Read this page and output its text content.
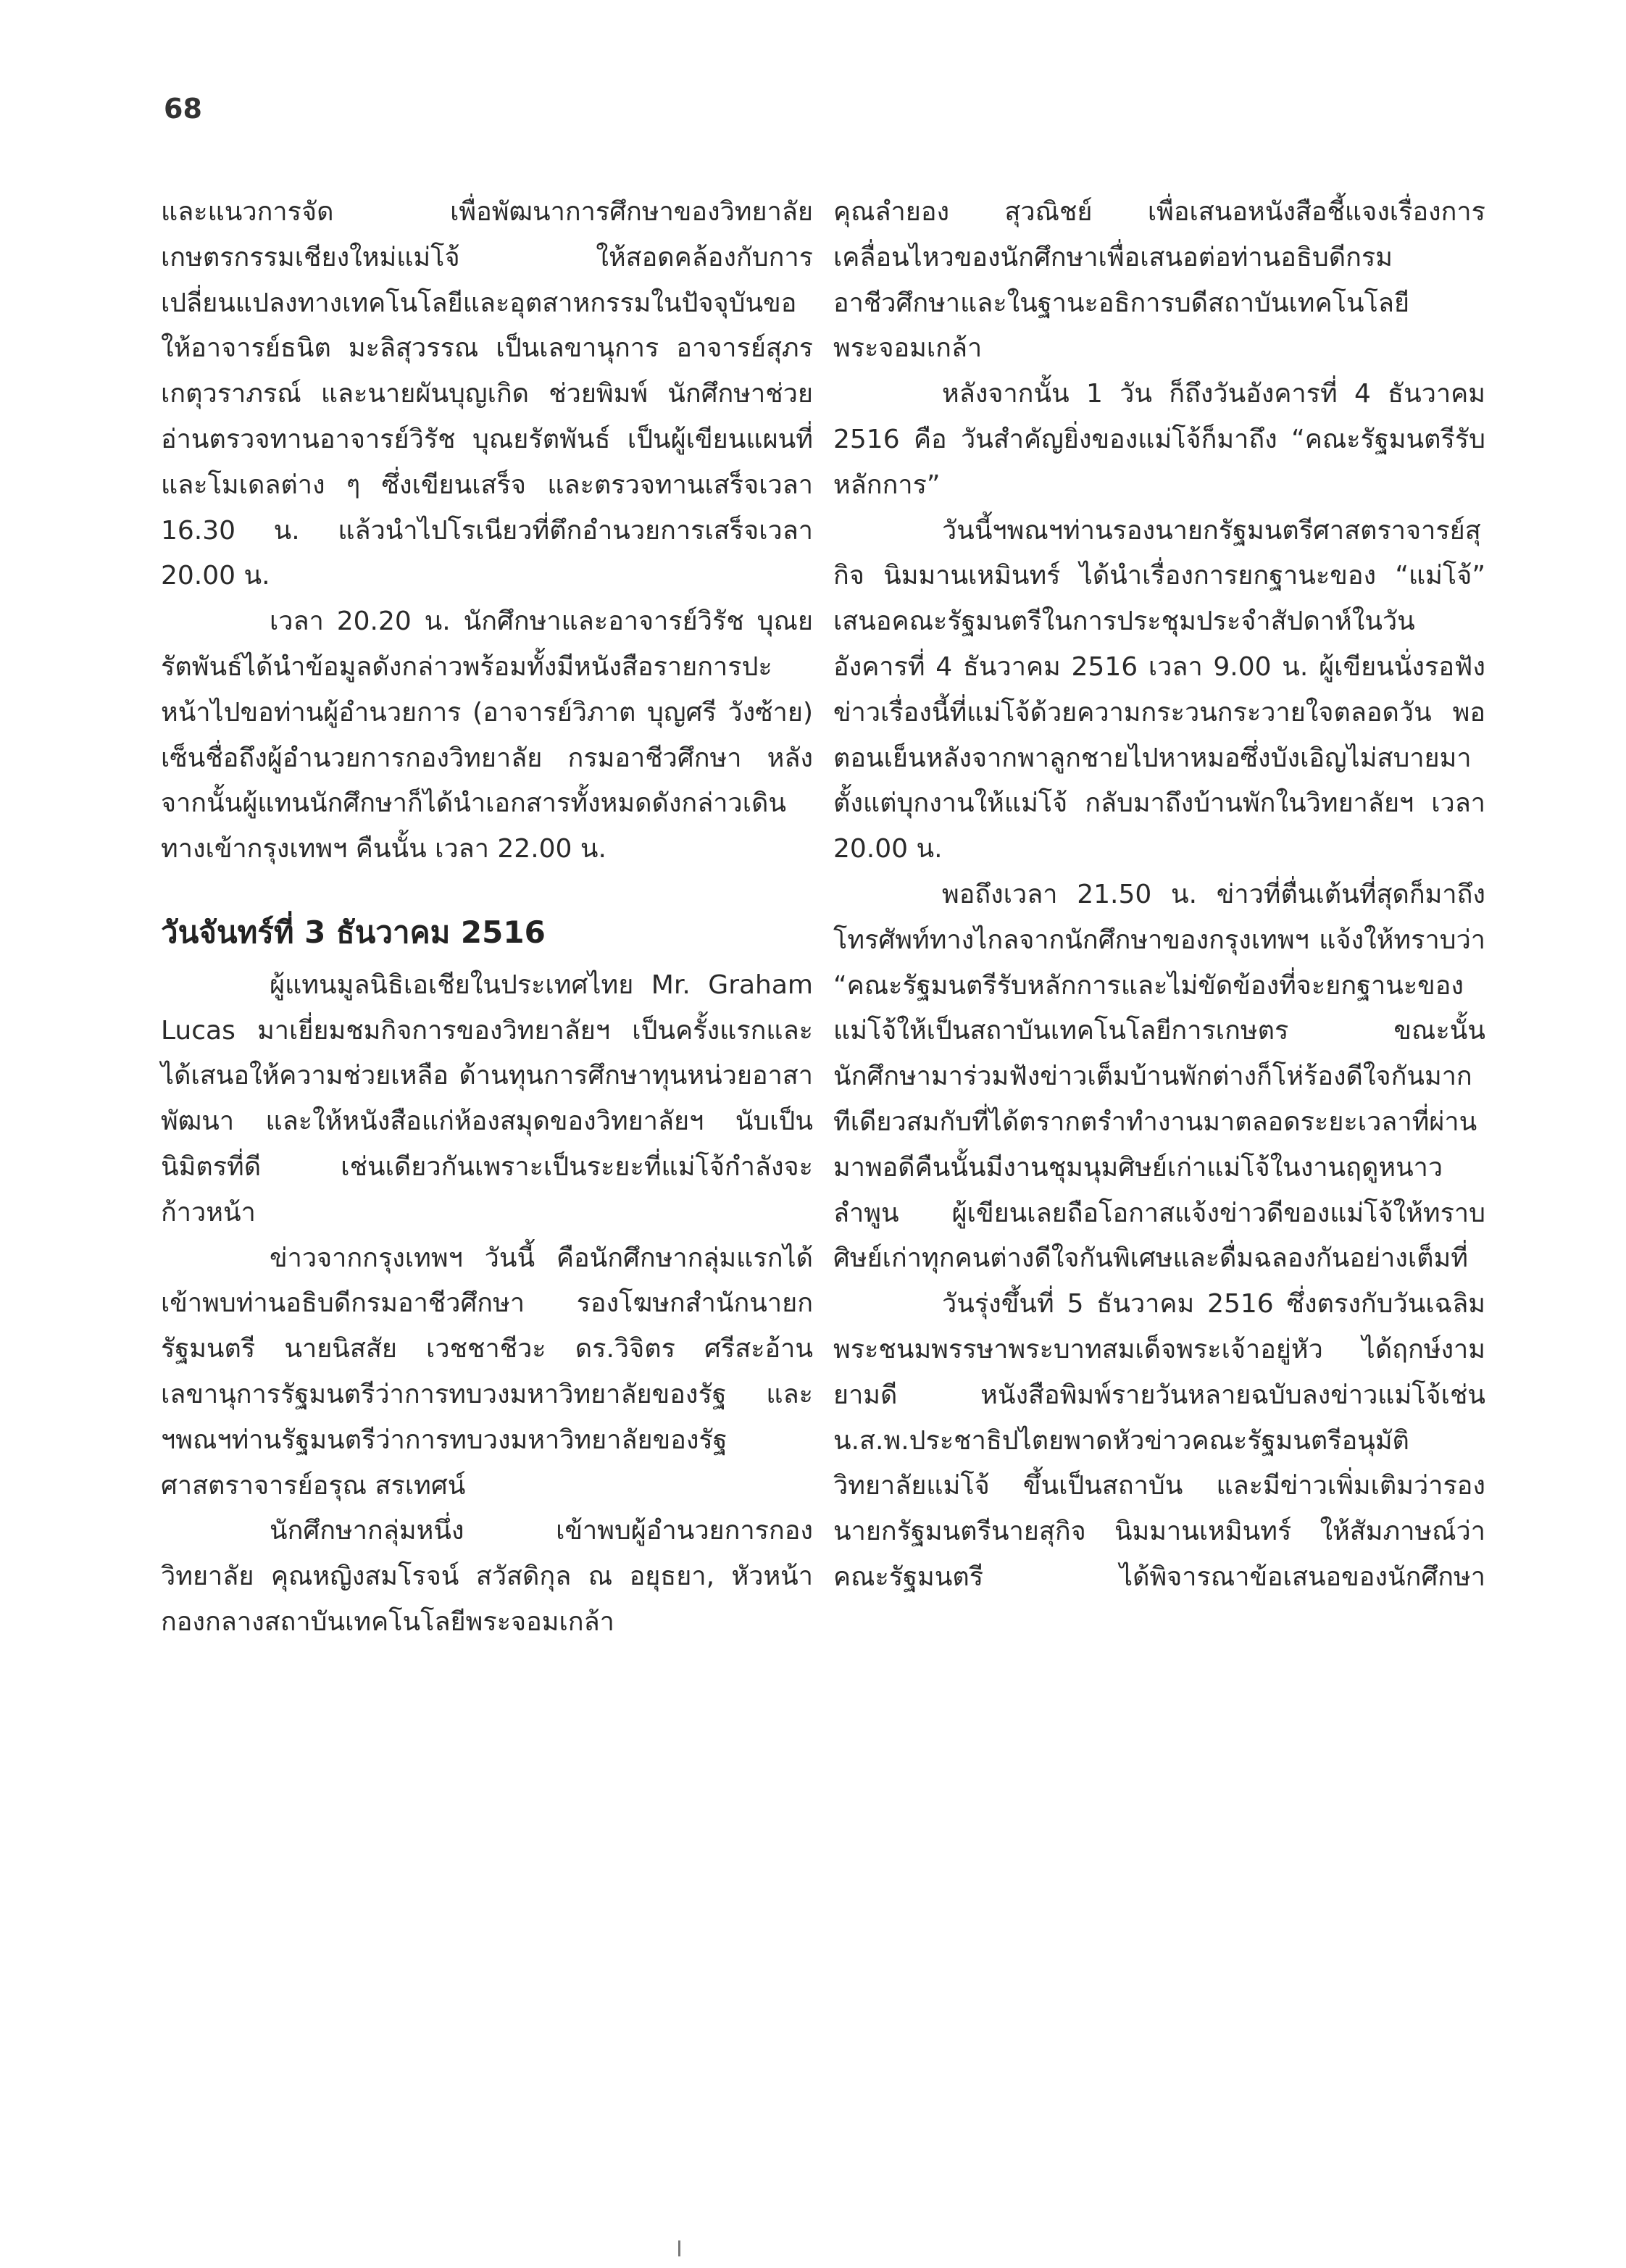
68

และแนวการจัด เพื่อพัฒนาการศึกษาของวิทยาลัยเกษตรกรรมเชียงใหม่แม่โจ้ ให้สอดคล้องกับการเปลี่ยนแปลงทางเทคโนโลยีและอุตสาหกรรมในปัจจุบันขอให้อาจารย์ธนิต มะลิสุวรรณ เป็นเลขานุการ อาจารย์สุภร เกตุวราภรณ์ และนายผันบุญเกิด ช่วยพิมพ์ นักศึกษาช่วยอ่านตรวจทานอาจารย์วิรัช บุณยรัตพันธ์ เป็นผู้เขียนแผนที่และโมเดลต่าง ๆ ซึ่งเขียนเสร็จ และตรวจทานเสร็จเวลา 16.30 น. แล้วนำไปโรเนียวที่ตึกอำนวยการเสร็จเวลา 20.00 น.

เวลา 20.20 น. นักศึกษาและอาจารย์วิรัช บุณยรัตพันธ์ได้นำข้อมูลดังกล่าวพร้อมทั้งมีหนังสือรายการปะหน้าไปขอท่านผู้อำนวยการ (อาจารย์วิภาต บุญศรี วังซ้าย) เซ็นชื่อถึงผู้อำนวยการกองวิทยาลัย กรมอาชีวศึกษา หลังจากนั้นผู้แทนนักศึกษาก็ได้นำเอกสารทั้งหมดดังกล่าวเดินทางเข้ากรุงเทพฯ คืนนั้น เวลา 22.00 น.

วันจันทร์ที่ 3 ธันวาคม 2516

ผู้แทนมูลนิธิเอเชียในประเทศไทย Mr. Graham Lucas มาเยี่ยมชมกิจการของวิทยาลัยฯ เป็นครั้งแรกและได้เสนอให้ความช่วยเหลือ ด้านทุนการศึกษาทุนหน่วยอาสาพัฒนา และให้หนังสือแก่ห้องสมุดของวิทยาลัยฯ นับเป็นนิมิตรที่ดี เช่นเดียวกันเพราะเป็นระยะที่แม่โจ้กำลังจะก้าวหน้า

ข่าวจากกรุงเทพฯ วันนี้ คือนักศึกษากลุ่มแรกได้เข้าพบท่านอธิบดีกรมอาชีวศึกษา รองโฆษกสำนักนายกรัฐมนตรี นายนิสสัย เวชชาชีวะ ดร.วิจิตร ศรีสะอ้าน เลขานุการรัฐมนตรีว่าการทบวงมหาวิทยาลัยของรัฐ และฯพณฯท่านรัฐมนตรีว่าการทบวงมหาวิทยาลัยของรัฐ ศาสตราจารย์อรุณ สรเทศน์

นักศึกษากลุ่มหนึ่ง เข้าพบผู้อำนวยการกองวิทยาลัย คุณหญิงสมโรจน์ สวัสดิกุล ณ อยุธยา, หัวหน้ากองกลางสถาบันเทคโนโลยีพระจอมเกล้า

คุณลำยอง สุวณิชย์ เพื่อเสนอหนังสือชี้แจงเรื่องการเคลื่อนไหวของนักศึกษาเพื่อเสนอต่อท่านอธิบดีกรมอาชีวศึกษาและในฐานะอธิการบดีสถาบันเทคโนโลยีพระจอมเกล้า

หลังจากนั้น 1 วัน ก็ถึงวันอังคารที่ 4 ธันวาคม 2516 คือ วันสำคัญยิ่งของแม่โจ้ก็มาถึง “คณะรัฐมนตรีรับหลักการ”

วันนี้ฯพณฯท่านรองนายกรัฐมนตรีศาสตราจารย์สุกิจ นิมมานเหมินทร์ ได้นำเรื่องการยกฐานะของ “แม่โจ้” เสนอคณะรัฐมนตรีในการประชุมประจำสัปดาห์ในวันอังคารที่ 4 ธันวาคม 2516 เวลา 9.00 น. ผู้เขียนนั่งรอฟังข่าวเรื่องนี้ที่แม่โจ้ด้วยความกระวนกระวายใจตลอดวัน พอตอนเย็นหลังจากพาลูกชายไปหาหมอซึ่งบังเอิญไม่สบายมาตั้งแต่บุกงานให้แม่โจ้ กลับมาถึงบ้านพักในวิทยาลัยฯ เวลา 20.00 น.

พอถึงเวลา 21.50 น. ข่าวที่ตื่นเต้นที่สุดก็มาถึงโทรศัพท์ทางไกลจากนักศึกษาของกรุงเทพฯ แจ้งให้ทราบว่า “คณะรัฐมนตรีรับหลักการและไม่ขัดข้องที่จะยกฐานะของแม่โจ้ให้เป็นสถาบันเทคโนโลยีการเกษตร ขณะนั้นนักศึกษามาร่วมฟังข่าวเต็มบ้านพักต่างก็โห่ร้องดีใจกันมากทีเดียวสมกับที่ได้ตรากตรำทำงานมาตลอดระยะเวลาที่ผ่านมาพอดีคืนนั้นมีงานชุมนุมศิษย์เก่าแม่โจ้ในงานฤดูหนาวลำพูน ผู้เขียนเลยถือโอกาสแจ้งข่าวดีของแม่โจ้ให้ทราบ ศิษย์เก่าทุกคนต่างดีใจกันพิเศษและดื่มฉลองกันอย่างเต็มที่

วันรุ่งขึ้นที่ 5 ธันวาคม 2516 ซึ่งตรงกับวันเฉลิมพระชนมพรรษาพระบาทสมเด็จพระเจ้าอยู่หัว ได้ฤกษ์งามยามดี หนังสือพิมพ์รายวันหลายฉบับลงข่าวแม่โจ้เช่น น.ส.พ.ประชาธิปไตยพาดหัวข่าวคณะรัฐมนตรีอนุมัติวิทยาลัยแม่โจ้ ขึ้นเป็นสถาบัน และมีข่าวเพิ่มเติมว่ารองนายกรัฐมนตรีนายสุกิจ นิมมานเหมินทร์ ให้สัมภาษณ์ว่าคณะรัฐมนตรี ได้พิจารณาข้อเสนอของนักศึกษา
